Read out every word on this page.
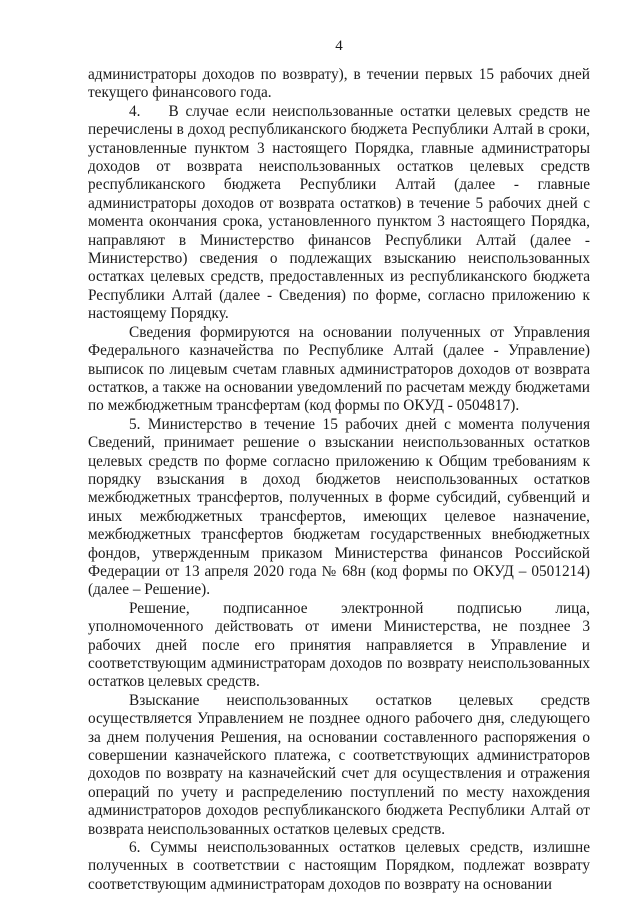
4

администраторы доходов по возврату), в течении первых 15 рабочих дней текущего финансового года.

4. В случае если неиспользованные остатки целевых средств не перечислены в доход республиканского бюджета Республики Алтай в сроки, установленные пунктом 3 настоящего Порядка, главные администраторы доходов от возврата неиспользованных остатков целевых средств республиканского бюджета Республики Алтай (далее - главные администраторы доходов от возврата остатков) в течение 5 рабочих дней с момента окончания срока, установленного пунктом 3 настоящего Порядка, направляют в Министерство финансов Республики Алтай (далее - Министерство) сведения о подлежащих взысканию неиспользованных остатках целевых средств, предоставленных из республиканского бюджета Республики Алтай (далее - Сведения) по форме, согласно приложению к настоящему Порядку.

Сведения формируются на основании полученных от Управления Федерального казначейства по Республике Алтай (далее - Управление) выписок по лицевым счетам главных администраторов доходов от возврата остатков, а также на основании уведомлений по расчетам между бюджетами по межбюджетным трансфертам (код формы по ОКУД - 0504817).

5. Министерство в течение 15 рабочих дней с момента получения Сведений, принимает решение о взыскании неиспользованных остатков целевых средств по форме согласно приложению к Общим требованиям к порядку взыскания в доход бюджетов неиспользованных остатков межбюджетных трансфертов, полученных в форме субсидий, субвенций и иных межбюджетных трансфертов, имеющих целевое назначение, межбюджетных трансфертов бюджетам государственных внебюджетных фондов, утвержденным приказом Министерства финансов Российской Федерации от 13 апреля 2020 года № 68н (код формы по ОКУД – 0501214) (далее – Решение).

Решение, подписанное электронной подписью лица, уполномоченного действовать от имени Министерства, не позднее 3 рабочих дней после его принятия направляется в Управление и соответствующим администраторам доходов по возврату неиспользованных остатков целевых средств.

Взыскание неиспользованных остатков целевых средств осуществляется Управлением не позднее одного рабочего дня, следующего за днем получения Решения, на основании составленного распоряжения о совершении казначейского платежа, с соответствующих администраторов доходов по возврату на казначейский счет для осуществления и отражения операций по учету и распределению поступлений по месту нахождения администраторов доходов республиканского бюджета Республики Алтай от возврата неиспользованных остатков целевых средств.

6. Суммы неиспользованных остатков целевых средств, излишне полученных в соответствии с настоящим Порядком, подлежат возврату соответствующим администраторам доходов по возврату на основании
